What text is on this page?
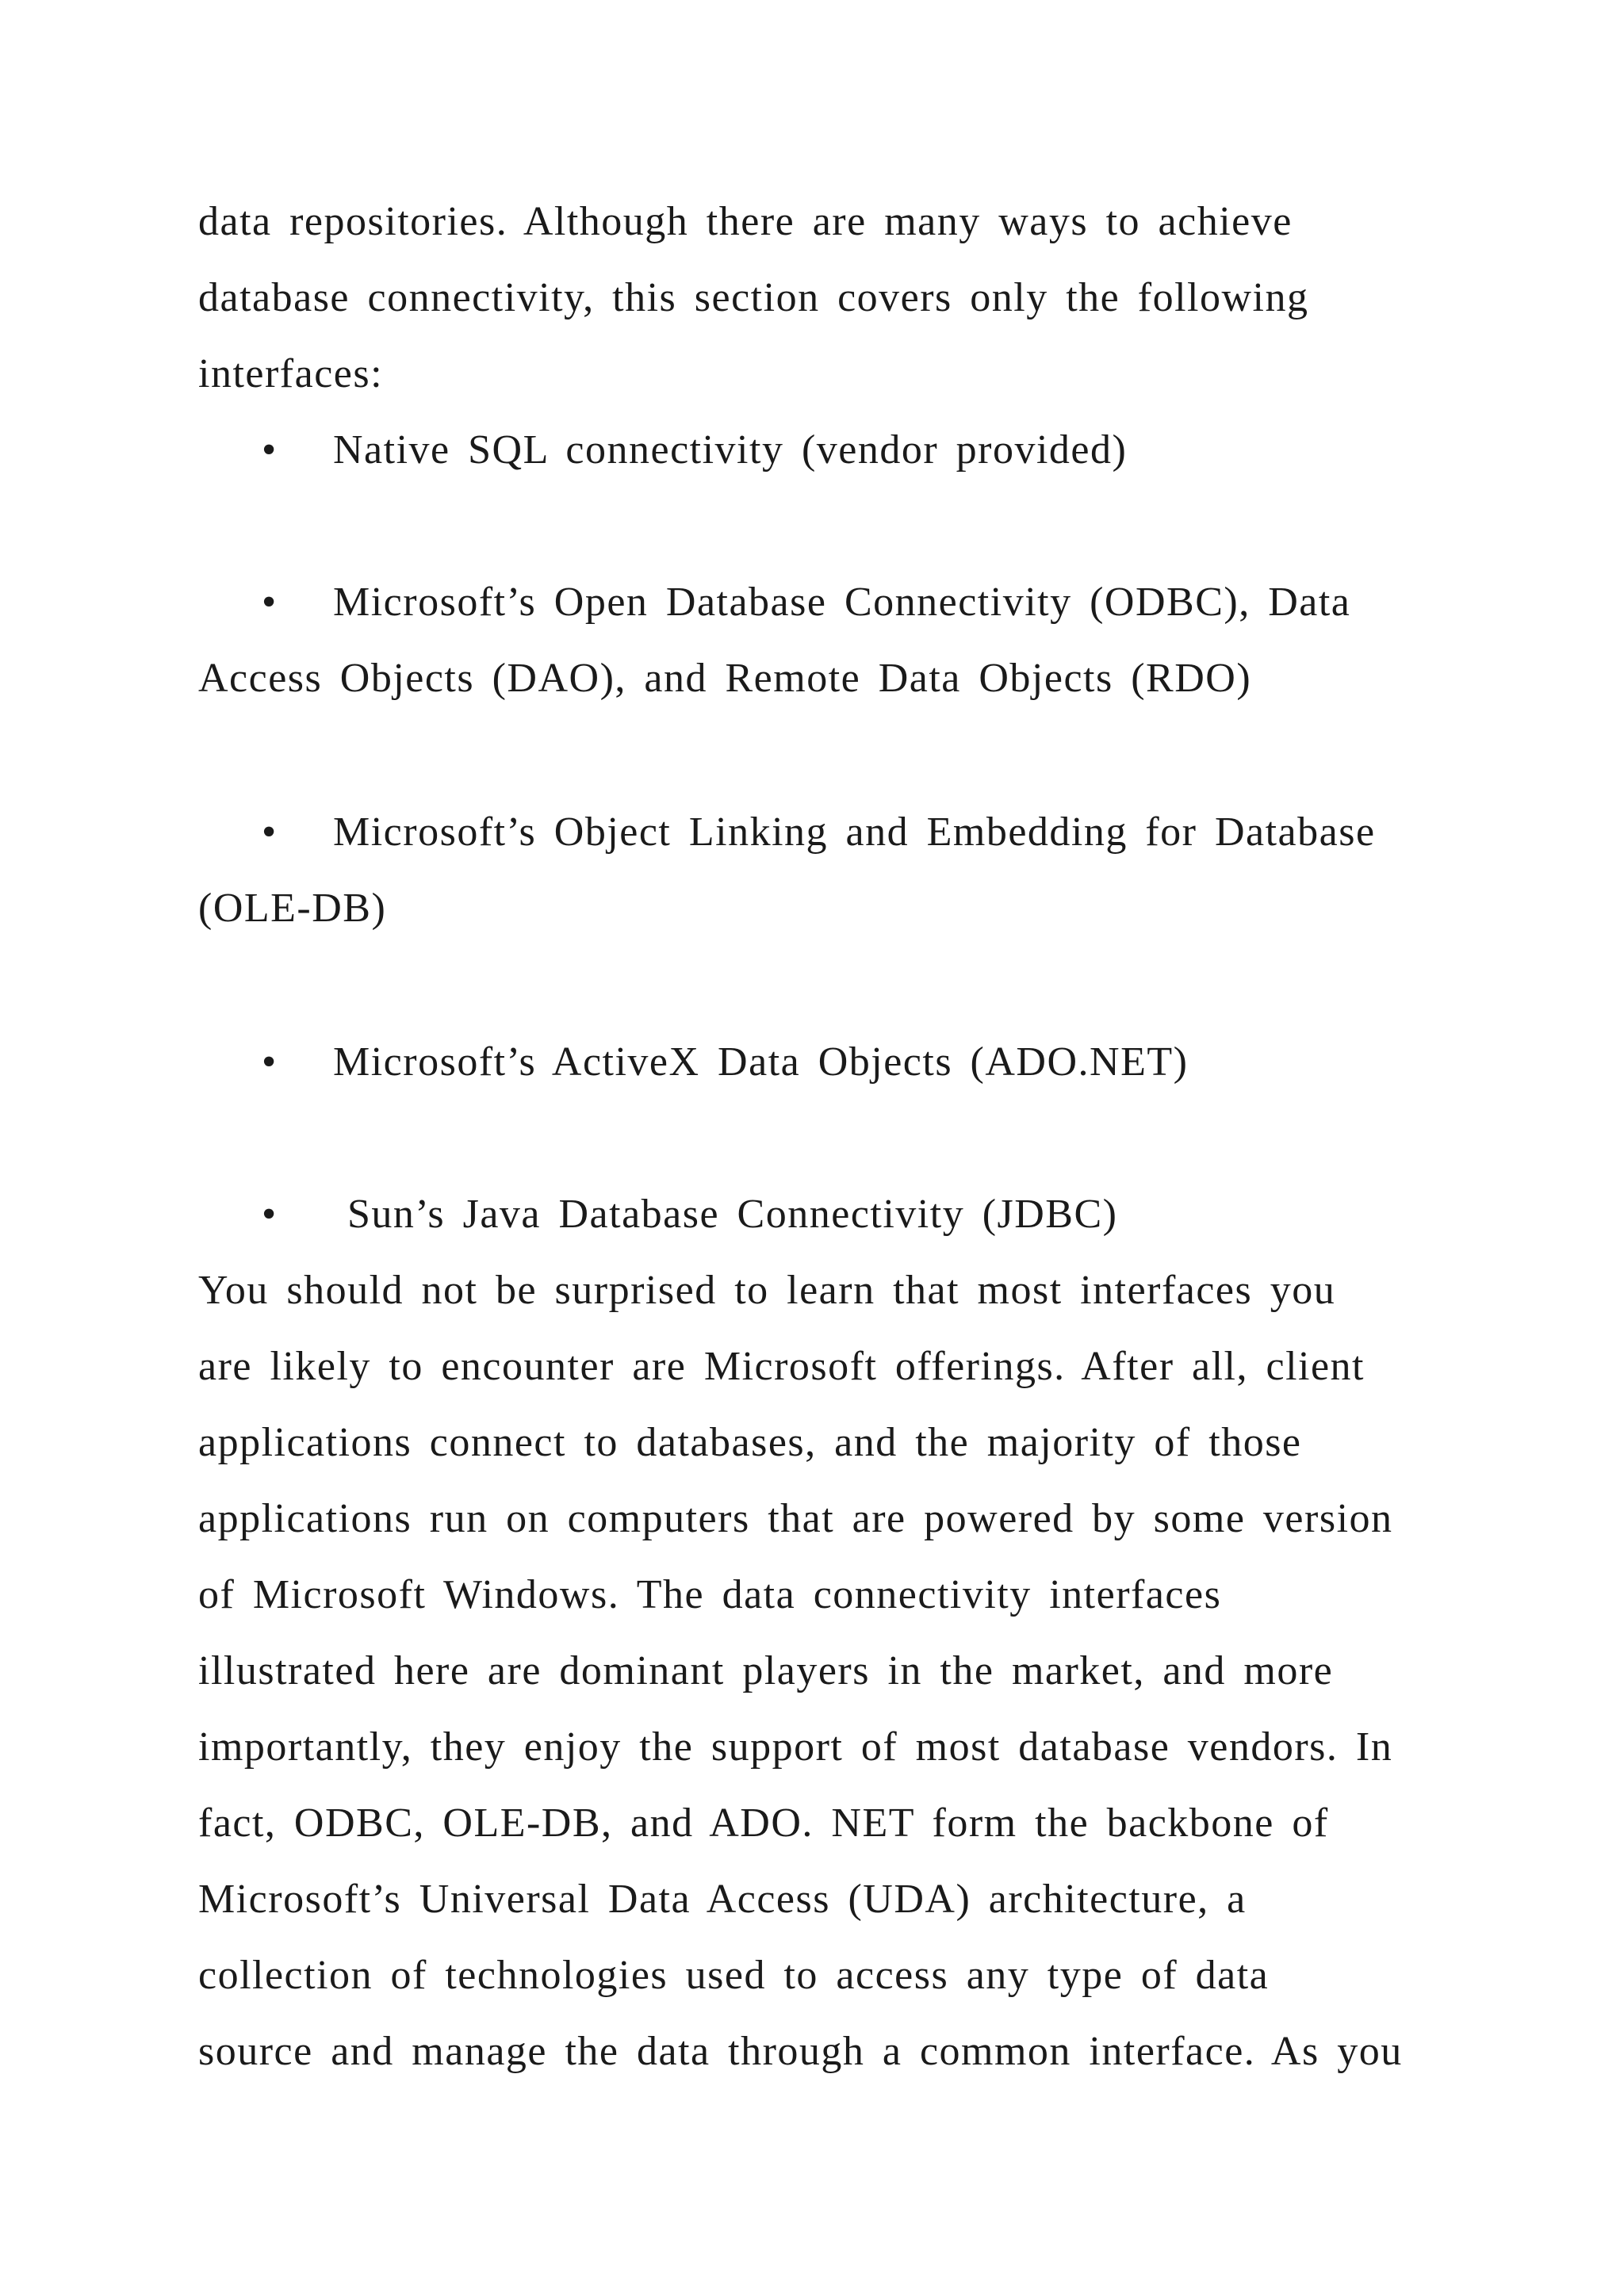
data repositories. Although there are many ways to achieve
database connectivity, this section covers only the following
interfaces:
• Native SQL connectivity (vendor provided)
• Microsoft’s Open Database Connectivity (ODBC), Data
Access Objects (DAO), and Remote Data Objects (RDO)
• Microsoft’s Object Linking and Embedding for Database
(OLE-DB)
• Microsoft’s ActiveX Data Objects (ADO.NET)
• Sun’s Java Database Connectivity (JDBC)
You should not be surprised to learn that most interfaces you
are likely to encounter are Microsoft offerings. After all, client
applications connect to databases, and the majority of those
applications run on computers that are powered by some version
of Microsoft Windows. The data connectivity interfaces
illustrated here are dominant players in the market, and more
importantly, they enjoy the support of most database vendors. In
fact, ODBC, OLE-DB, and ADO. NET form the backbone of
Microsoft’s Universal Data Access (UDA) architecture, a
collection of technologies used to access any type of data
source and manage the data through a common interface. As you
